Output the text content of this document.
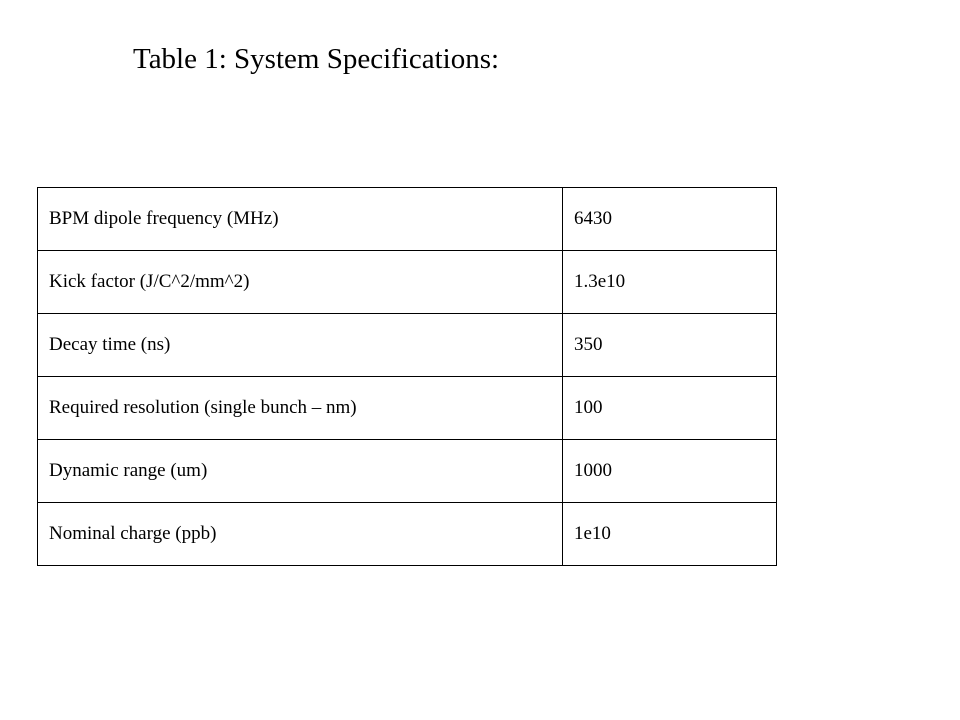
Table 1: System Specifications:
BPM dipole frequency (MHz)	6430
Kick factor (J/C^2/mm^2)	1.3e10
Decay time (ns)	350
Required resolution (single bunch – nm)	100
Dynamic range (um)	1000
Nominal charge (ppb)	1e10
